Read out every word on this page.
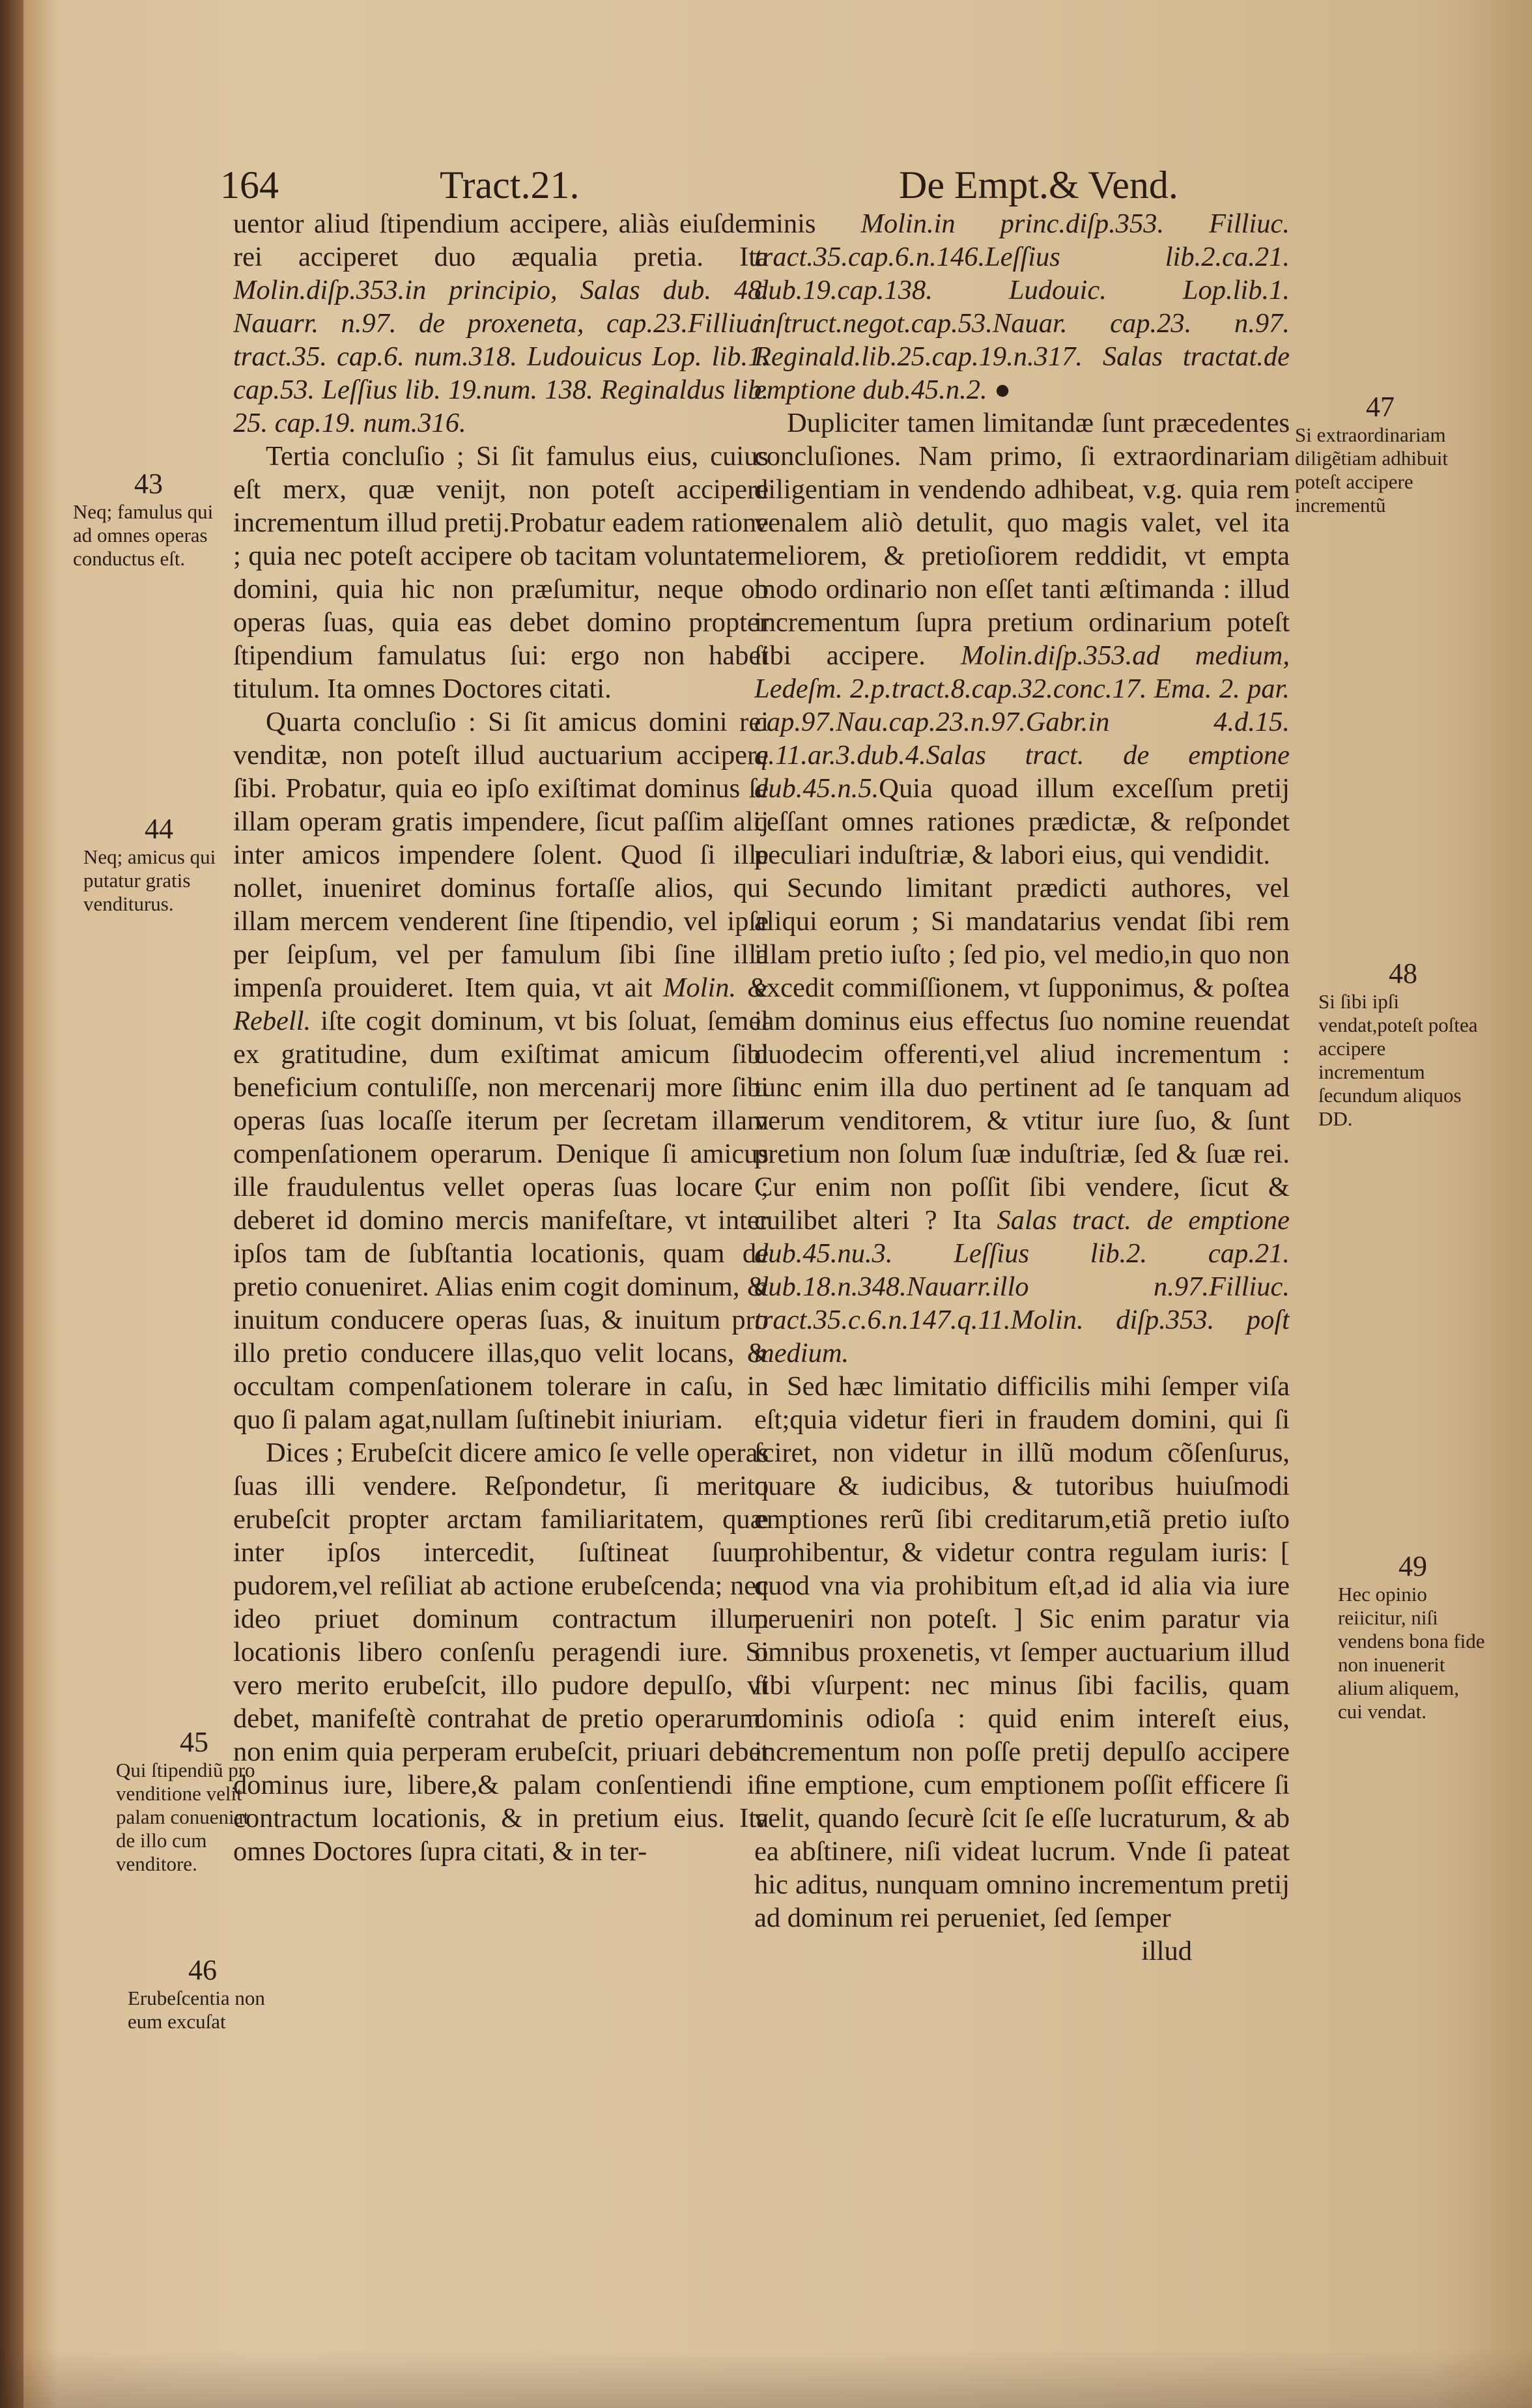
164	Tract.21.	De Empt.& Vend.

uentor aliud ſtipendium accipere, aliàs eiuſdem rei acciperet duo æqualia pretia. Ita Molin.diſp.353.in principio, Salas dub. 48. Nauarr. n.97. de proxeneta, cap.23.Filliuc. tract.35. cap.6. num.318. Ludouicus Lop. lib.1. cap.53. Leſſius lib. 19.num. 138. Reginaldus lib. 25. cap.19. num.316.

Tertia concluſio ; Si ſit famulus eius, cuius eſt merx, quæ venijt, non poteſt accipere incrementum illud pretij.Probatur eadem ratione ; quia nec poteſt accipere ob tacitam voluntatem domini, quia hic non præſumitur, neque ob operas ſuas, quia eas debet domino propter ſtipendium famulatus ſui: ergo non habet titulum. Ita omnes Doctores citati.

Quarta concluſio : Si ſit amicus domini rei venditæ, non poteſt illud auctuarium accipere ſibi. Probatur, quia eo ipſo exiſtimat dominus ſe illam operam gratis impendere, ſicut paſſim alij inter amicos impendere ſolent. Quod ſi ille nollet, inueniret dominus fortaſſe alios, qui illam mercem venderent ſine ſtipendio, vel ipſe per ſeipſum, vel per famulum ſibi ſine illa impenſa prouideret. Item quia, vt ait Molin. & Rebell. iſte cogit dominum, vt bis ſoluat, ſemel ex gratitudine, dum exiſtimat amicum ſibi beneficium contuliſſe, non mercenarij more ſibi operas ſuas locaſſe iterum per ſecretam illam compenſationem operarum. Denique ſi amicus ille fraudulentus vellet operas ſuas locare ; deberet id domino mercis manifeſtare, vt inter ipſos tam de ſubſtantia locationis, quam de pretio conueniret. Alias enim cogit dominum, & inuitum conducere operas ſuas, & inuitum pro illo pretio conducere illas,quo velit locans, & occultam compenſationem tolerare in caſu, in quo ſi palam agat,nullam ſuſtinebit iniuriam.

Dices ; Erubeſcit dicere amico ſe velle operas ſuas illi vendere. Reſpondetur, ſi merito erubeſcit propter arctam familiaritatem, quæ inter ipſos intercedit, ſuſtineat ſuum pudorem,vel reſiliat ab actione erubeſcenda; nec ideo priuet dominum contractum illum locationis libero conſenſu peragendi iure. Si vero merito erubeſcit, illo pudore depulſo, vt debet, manifeſtè contrahat de pretio operarum: non enim quia perperam erubeſcit, priuari debet dominus iure, libere,& palam conſentiendi in contractum locationis, & in pretium eius. Ita omnes Doctores ſupra citati, & in ter-

minis Molin.in princ.diſp.353. Filliuc. tract.35.cap.6.n.146.Leſſius lib.2.ca.21. dub.19.cap.138. Ludouic. Lop.lib.1. inſtruct.negot.cap.53.Nauar. cap.23. n.97. Reginald.lib.25.cap.19.n.317. Salas tractat.de emptione dub.45.n.2. ●

Dupliciter tamen limitandæ ſunt præcedentes concluſiones. Nam primo, ſi extraordinariam diligentiam in vendendo adhibeat, v.g. quia rem venalem aliò detulit, quo magis valet, vel ita meliorem, & pretioſiorem reddidit, vt empta modo ordinario non eſſet tanti æſtimanda : illud incrementum ſupra pretium ordinarium poteſt ſibi accipere. Molin.diſp.353.ad medium, Ledeſm. 2.p.tract.8.cap.32.conc.17. Ema. 2. par. cap.97.Nau.cap.23.n.97.Gabr.in 4.d.15. q.11.ar.3.dub.4.Salas tract. de emptione dub.45.n.5.Quia quoad illum exceſſum pretij ceſſant omnes rationes prædictæ, & reſpondet peculiari induſtriæ, & labori eius, qui vendidit.

Secundo limitant prædicti authores, vel aliqui eorum ; Si mandatarius vendat ſibi rem illam pretio iuſto ; ſed pio, vel medio,in quo non excedit commiſſionem, vt ſupponimus, & poſtea iam dominus eius effectus ſuo nomine reuendat duodecim offerenti,vel aliud incrementum : tunc enim illa duo pertinent ad ſe tanquam ad verum venditorem, & vtitur iure ſuo, & ſunt pretium non ſolum ſuæ induſtriæ, ſed & ſuæ rei. Cur enim non poſſit ſibi vendere, ſicut & cuilibet alteri ? Ita Salas tract. de emptione dub.45.nu.3. Leſſius lib.2. cap.21. dub.18.n.348.Nauarr.illo n.97.Filliuc. tract.35.c.6.n.147.q.11.Molin. diſp.353. poſt medium.

Sed hæc limitatio difficilis mihi ſemper viſa eſt;quia videtur fieri in fraudem domini, qui ſi ſciret, non videtur in illũ modum cõſenſurus, quare & iudicibus, & tutoribus huiuſmodi emptiones rerũ ſibi creditarum,etiã pretio iuſto prohibentur, & videtur contra regulam iuris: [ quod vna via prohibitum eſt,ad id alia via iure perueniri non poteſt. ] Sic enim paratur via omnibus proxenetis, vt ſemper auctuarium illud ſibi vſurpent: nec minus ſibi facilis, quam dominis odioſa : quid enim intereſt eius, incrementum non poſſe pretij depulſo accipere ſine emptione, cum emptionem poſſit efficere ſi velit, quando ſecurè ſcit ſe eſſe lucraturum, & ab ea abſtinere, niſi videat lucrum. Vnde ſi pateat hic aditus, nunquam omnino incrementum pretij ad dominum rei perueniet, ſed ſemper

illud
43
Neq; famulus qui ad omnes operas conductus eſt.
44
Neq; amicus qui putatur gratis venditurus.
45
Qui ſtipendiũ pro venditione velit palam conueniat de illo cum venditore.
46
Erubeſcentia non eum excuſat
47
Si extraordinariam diligẽtiam adhibuit poteſt accipere incrementũ
48
Si ſibi ipſi vendat,poteſt poſtea accipere incrementum ſecundum aliquos DD.
49
Hec opinio reiicitur, niſi vendens bona fide non inuenerit alium aliquem, cui vendat.
